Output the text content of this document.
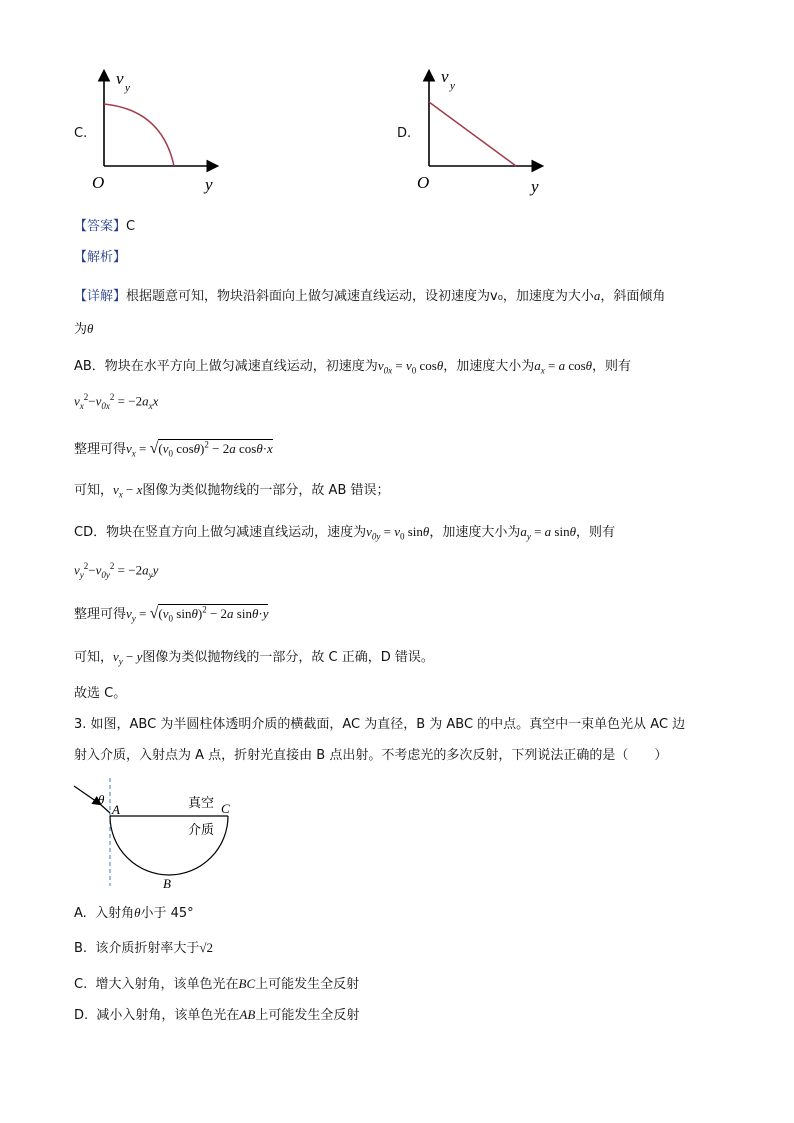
C.
v y
O	y
D.
v y
O	y
【答案】C
【解析】
【详解】根据题意可知，物块沿斜面向上做匀减速直线运动，设初速度为v₀，加速度为大小a，斜面倾角
为θ
AB．物块在水平方向上做匀减速直线运动，初速度为$v_{0x} = v_0$ cosθ，加速度大小为$a_x = a$ cosθ，则有
$v_x^2-v_{0x}^2 = -2a_xx$
整理可得$v_x = √(v_0$ cosθ)$^2$ − 2a cosθ·x
可知，$v_x - x$图像为类似抛物线的一部分，故 AB 错误；
CD．物块在竖直方向上做匀减速直线运动，速度为$v_{0y} = v_0$ sinθ，加速度大小为$a_y = a$ sinθ，则有
$v_y^2-v_{0y}^2 = -2a_yy$
整理可得$v_y = √(v_0$ sinθ)$^2$ − 2a sinθ·y
可知，$v_y - y$图像为类似抛物线的一部分，故 C 正确，D 错误。
故选 C。
3. 如图，ABC 为半圆柱体透明介质的横截面，AC 为直径，B 为 ABC 的中点。真空中一束单色光从 AC 边
射入介质，入射点为 A 点，折射光直接由 B 点出射。不考虑光的多次反射，下列说法正确的是（　　）
θ
A	C
B
真空
介质
A. 入射角θ小于 45°
B. 该介质折射率大于√2
C. 增大入射角，该单色光在BC上可能发生全反射
D. 减小入射角，该单色光在AB上可能发生全反射
